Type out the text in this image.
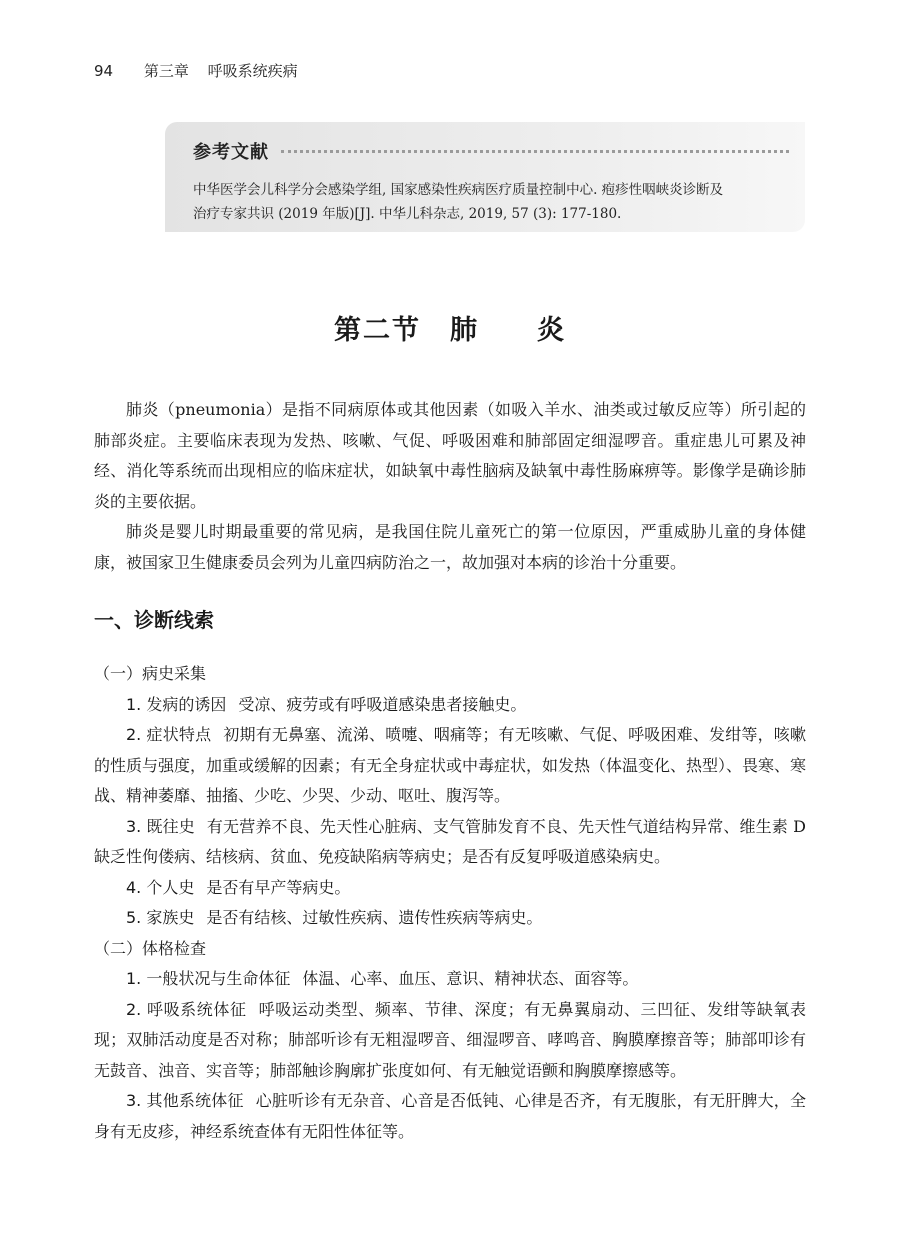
94 第三章 呼吸系统疾病
参考文献
中华医学会儿科学分会感染学组, 国家感染性疾病医疗质量控制中心. 疱疹性咽峡炎诊断及
治疗专家共识 (2019 年版)[J]. 中华儿科杂志, 2019, 57 (3): 177-180.
第二节　肺　　炎

肺炎（pneumonia）是指不同病原体或其他因素（如吸入羊水、油类或过敏反应等）所引起的肺部炎症。主要临床表现为发热、咳嗽、气促、呼吸困难和肺部固定细湿啰音。重症患儿可累及神经、消化等系统而出现相应的临床症状，如缺氧中毒性脑病及缺氧中毒性肠麻痹等。影像学是确诊肺炎的主要依据。

肺炎是婴儿时期最重要的常见病，是我国住院儿童死亡的第一位原因，严重威胁儿童的身体健康，被国家卫生健康委员会列为儿童四病防治之一，故加强对本病的诊治十分重要。

一、诊断线索
（一）病史采集

1. 发病的诱因 受凉、疲劳或有呼吸道感染患者接触史。

2. 症状特点 初期有无鼻塞、流涕、喷嚏、咽痛等；有无咳嗽、气促、呼吸困难、发绀等，咳嗽的性质与强度，加重或缓解的因素；有无全身症状或中毒症状，如发热（体温变化、热型）、畏寒、寒战、精神萎靡、抽搐、少吃、少哭、少动、呕吐、腹泻等。

3. 既往史 有无营养不良、先天性心脏病、支气管肺发育不良、先天性气道结构异常、维生素 D 缺乏性佝偻病、结核病、贫血、免疫缺陷病等病史；是否有反复呼吸道感染病史。

4. 个人史 是否有早产等病史。

5. 家族史 是否有结核、过敏性疾病、遗传性疾病等病史。

（二）体格检查

1. 一般状况与生命体征 体温、心率、血压、意识、精神状态、面容等。

2. 呼吸系统体征 呼吸运动类型、频率、节律、深度；有无鼻翼扇动、三凹征、发绀等缺氧表现；双肺活动度是否对称；肺部听诊有无粗湿啰音、细湿啰音、哮鸣音、胸膜摩擦音等；肺部叩诊有无鼓音、浊音、实音等；肺部触诊胸廓扩张度如何、有无触觉语颤和胸膜摩擦感等。

3. 其他系统体征 心脏听诊有无杂音、心音是否低钝、心律是否齐，有无腹胀，有无肝脾大，全身有无皮疹，神经系统查体有无阳性体征等。
